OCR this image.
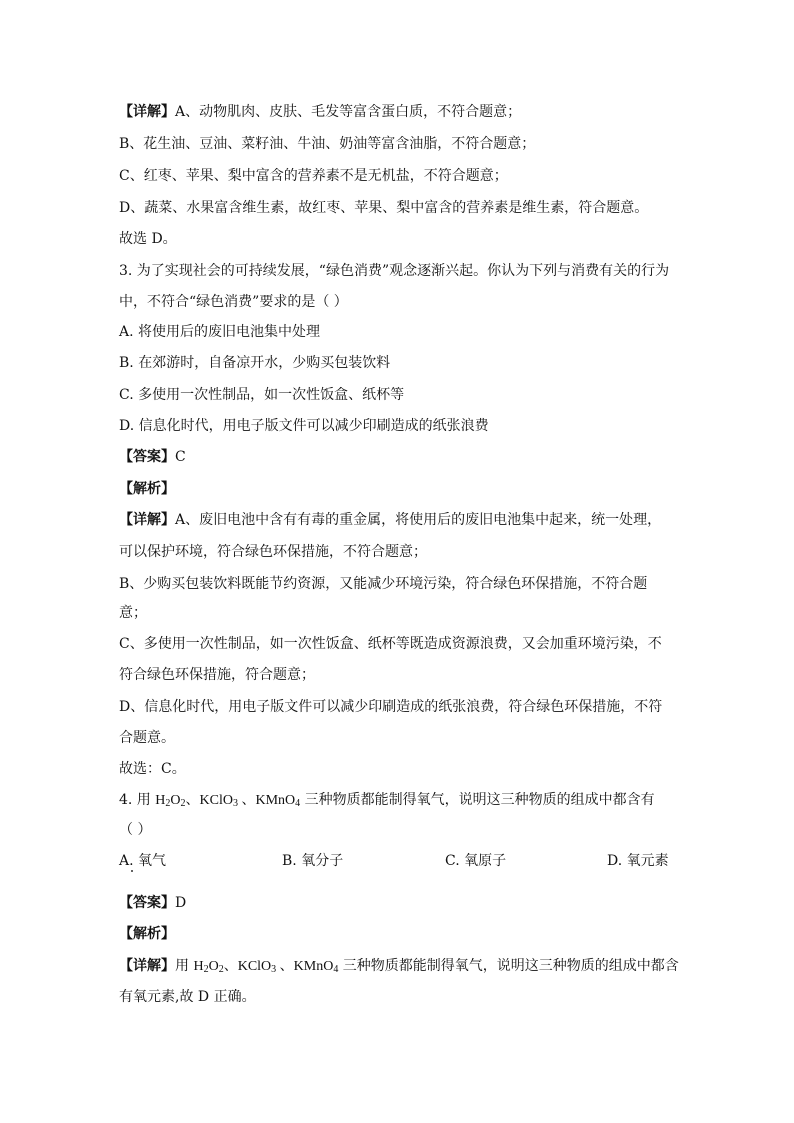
【详解】A、动物肌肉、皮肤、毛发等富含蛋白质，不符合题意；
B、花生油、豆油、菜籽油、牛油、奶油等富含油脂，不符合题意；
C、红枣、苹果、梨中富含的营养素不是无机盐，不符合题意；
D、蔬菜、水果富含维生素，故红枣、苹果、梨中富含的营养素是维生素，符合题意。
故选 D。
3. 为了实现社会的可持续发展，“绿色消费”观念逐渐兴起。你认为下列与消费有关的行为
中，不符合“绿色消费”要求的是（ ）
A. 将使用后的废旧电池集中处理
B. 在郊游时，自备凉开水，少购买包装饮料
C. 多使用一次性制品，如一次性饭盒、纸杯等
D. 信息化时代，用电子版文件可以减少印刷造成的纸张浪费
【答案】C
【解析】
【详解】A、废旧电池中含有有毒的重金属，将使用后的废旧电池集中起来，统一处理，
可以保护环境，符合绿色环保措施，不符合题意；
B、少购买包装饮料既能节约资源，又能减少环境污染，符合绿色环保措施，不符合题
意；
C、多使用一次性制品，如一次性饭盒、纸杯等既造成资源浪费，又会加重环境污染，不
符合绿色环保措施，符合题意；
D、信息化时代，用电子版文件可以减少印刷造成的纸张浪费，符合绿色环保措施，不符
合题意。
故选：C。
4. 用 $H_2O_2$、KClO$_3$ 、KMnO$_4$ 三种物质都能制得氧气，说明这三种物质的组成中都含有
（ ）
A. 氧气	B. 氧分子	C. 氧原子	D. 氧元素
【答案】D
【解析】
【详解】用 $H_2O_2$、KClO$_3$ 、KMnO$_4$ 三种物质都能制得氧气，说明这三种物质的组成中都含
有氧元素,故 D 正确。
